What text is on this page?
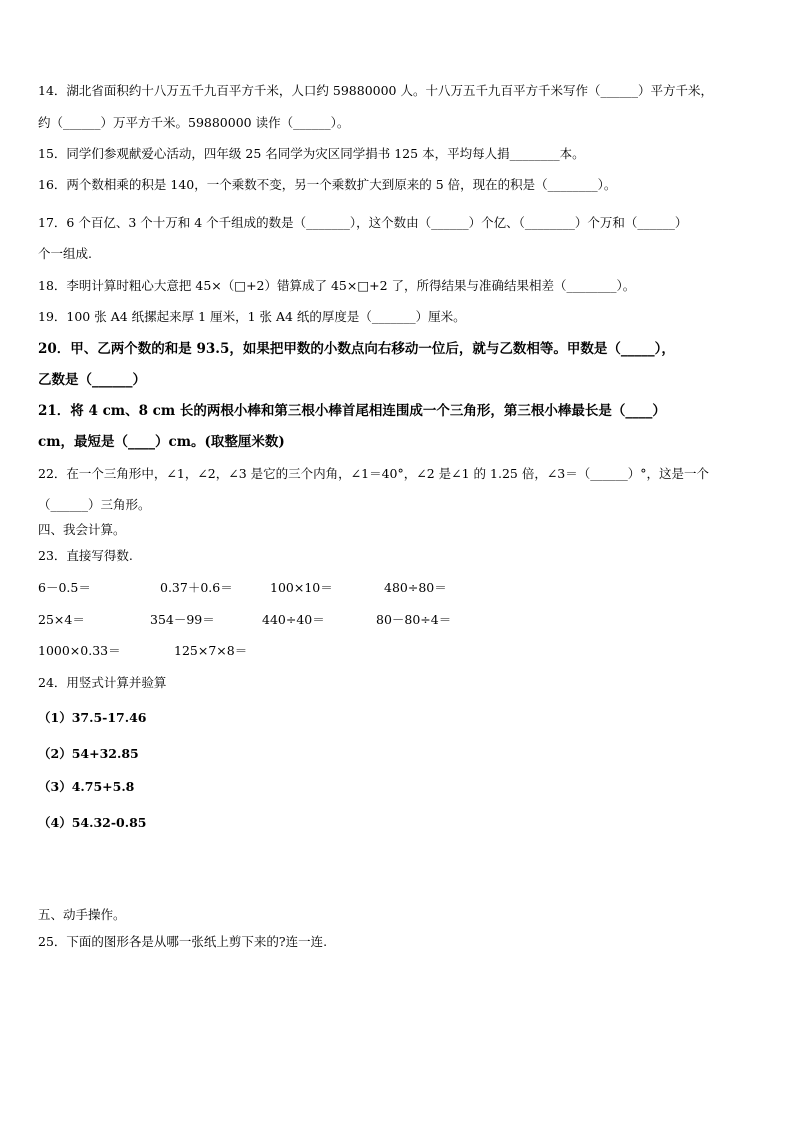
14．湖北省面积约十八万五千九百平方千米，人口约 59880000 人。十八万五千九百平方千米写作（______）平方千米，
约（______）万平方千米。59880000 读作（______）。
15．同学们参观献爱心活动，四年级 25 名同学为灾区同学捐书 125 本，平均每人捐________本。
16．两个数相乘的积是 140，一个乘数不变，另一个乘数扩大到原来的 5 倍，现在的积是（________）。
17．6 个百亿、3 个十万和 4 个千组成的数是（_______），这个数由（______）个亿、（________）个万和（______）
个一组成.
18．李明计算时粗心大意把 45×（□+2）错算成了 45×□+2 了，所得结果与准确结果相差（________）。
19．100 张 A4 纸摞起来厚 1 厘米，1 张 A4 纸的厚度是（_______）厘米。
20．甲、乙两个数的和是 93.5，如果把甲数的小数点向右移动一位后，就与乙数相等。甲数是（_____），
乙数是（______）
21．将 4 cm、8 cm 长的两根小棒和第三根小棒首尾相连围成一个三角形，第三根小棒最长是（____）
cm，最短是（____）cm。(取整厘米数)
22．在一个三角形中，∠1，∠2，∠3 是它的三个内角，∠1＝40°，∠2 是∠1 的 1.25 倍，∠3＝（______）°，这是一个
（______）三角形。
四、我会计算。
23．直接写得数.
6－0.5＝	0.37＋0.6＝	100×10＝	480÷80＝
25×4＝	354－99＝	440÷40＝	80－80÷4＝
1000×0.33＝	125×7×8＝
24．用竖式计算并验算
（1）37.5-17.46
（2）54+32.85
（3）4.75+5.8
（4）54.32-0.85
五、动手操作。
25．下面的图形各是从哪一张纸上剪下来的?连一连.
